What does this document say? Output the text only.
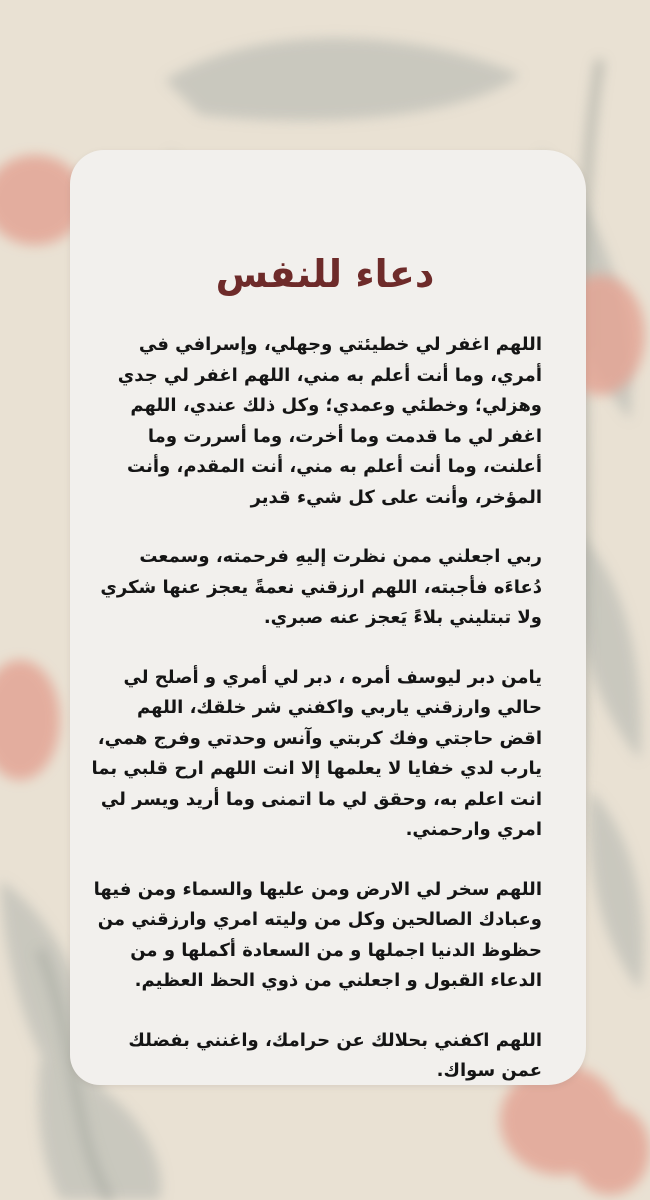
دعاء للنفس

اللهم اغفر لي خطيئتي وجهلي، وإسرافي في أمري، وما أنت أعلم به مني، اللهم اغفر لي جدي وهزلي؛ وخطئي وعمدي؛ وكل ذلك عندي، اللهم اغفر لي ما قدمت وما أخرت، وما أسررت وما أعلنت، وما أنت أعلم به مني، أنت المقدم، وأنت المؤخر، وأنت على كل شيء قدير

ربي اجعلني ممن نظرت إليهِ فرحمته، وسمعت دُعاءَه فأجبته، اللهم ارزقني نعمةً يعجز عنها شكري ولا تبتليني بلاءً يَعجز عنه صبري.

يامن دبر ليوسف أمره ، دبر لي أمري و أصلح لي حالي وارزقني ياربي واكفني شر خلقك، اللهم اقض حاجتي وفك كربتي وآنس وحدتي وفرج همي، يارب لدي خفايا لا يعلمها إلا انت اللهم ارح قلبي بما انت اعلم به، وحقق لي ما اتمنى وما أريد ويسر لي امري وارحمني.

اللهم سخر لي الارض ومن عليها والسماء ومن فيها وعبادك الصالحين وكل من وليته امري وارزقني من حظوظ الدنيا اجملها و من السعادة أكملها و من الدعاء القبول و اجعلني من ذوي الحظ العظيم.

اللهم اكفني بحلالك عن حرامك، واغنني بفضلك عمن سواك.
